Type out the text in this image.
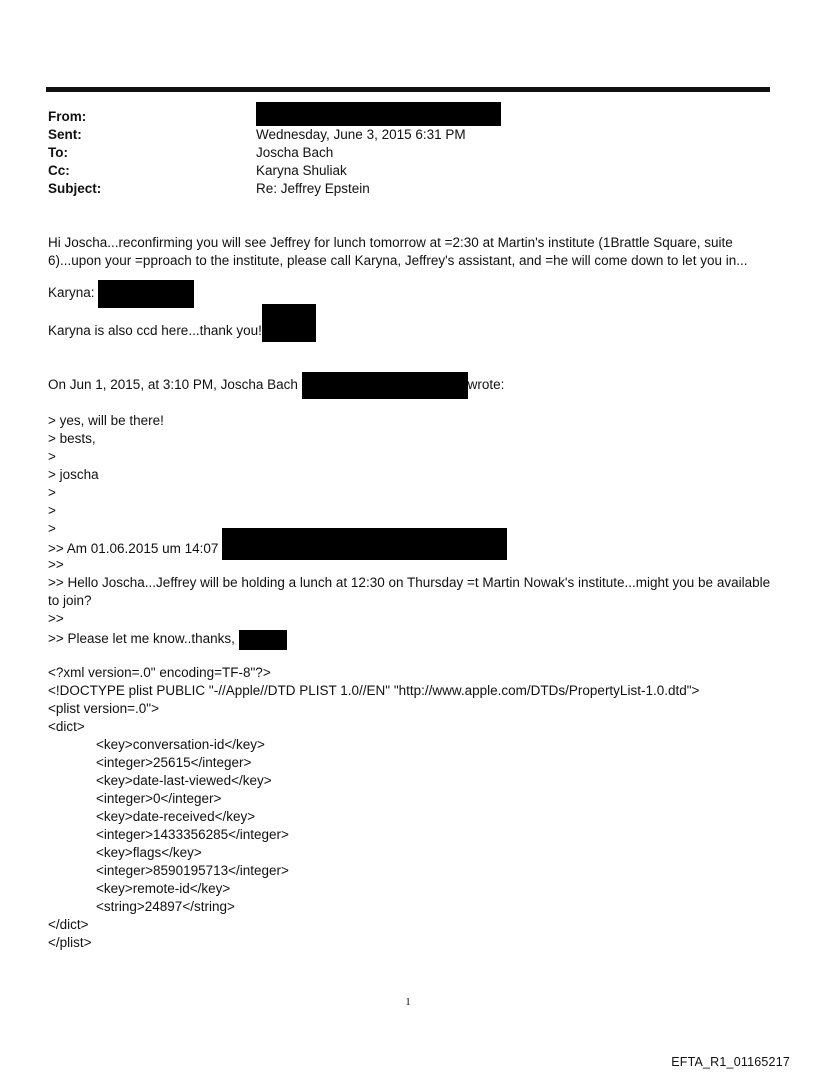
From:
Sent:	Wednesday, June 3, 2015 6:31 PM
To:	Joscha Bach
Cc:	Karyna Shuliak
Subject:	Re: Jeffrey Epstein
Hi Joscha...reconfirming you will see Jeffrey for lunch tomorrow at =2:30 at Martin's institute (1Brattle Square, suite 6)...upon your =pproach to the institute, please call Karyna, Jeffrey's assistant, and =he will come down to let you in...
Karyna:
Karyna is also ccd here...thank you!
On Jun 1, 2015, at 3:10 PM, Joscha Bach	wrote:
> yes, will be there!
> bests,
>
> joscha
>
>
>
>> Am 01.06.2015 um 14:07
>>
>> Hello Joscha...Jeffrey will be holding a lunch at 12:30 on Thursday =t Martin Nowak's institute...might you be available to join?
>>
>> Please let me know..thanks,
<?xml version=.0" encoding=TF-8"?>
<!DOCTYPE plist PUBLIC "-//Apple//DTD PLIST 1.0//EN" "http://www.apple.com/DTDs/PropertyList-1.0.dtd">
<plist version=.0">
<dict>
<key>conversation-id</key>
<integer>25615</integer>
<key>date-last-viewed</key>
<integer>0</integer>
<key>date-received</key>
<integer>1433356285</integer>
<key>flags</key>
<integer>8590195713</integer>
<key>remote-id</key>
<string>24897</string>
</dict>
</plist>
1
EFTA_R1_01165217
